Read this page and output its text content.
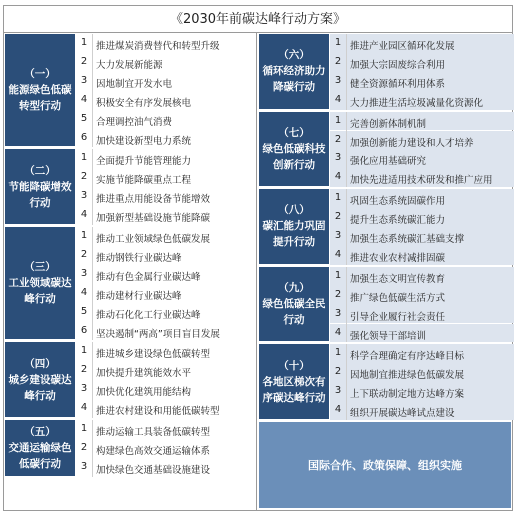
《2030年前碳达峰行动方案》
（一）
能源绿色低碳
转型行动
1 推进煤炭消费替代和转型升级
2 大力发展新能源
3 因地制宜开发水电
4 积极安全有序发展核电
5 合理调控油气消费
6 加快建设新型电力系统
（二）
节能降碳增效
行动
1 全面提升节能管理能力
2 实施节能降碳重点工程
3 推进重点用能设备节能增效
4 加强新型基础设施节能降碳
（三）
工业领域碳达
峰行动
1 推动工业领域绿色低碳发展
2 推动钢铁行业碳达峰
3 推动有色金属行业碳达峰
4 推动建材行业碳达峰
5 推动石化化工行业碳达峰
6 坚决遏制“两高”项目盲目发展
（四）
城乡建设碳达
峰行动
1 推进城乡建设绿色低碳转型
2 加快提升建筑能效水平
3 加快优化建筑用能结构
4 推进农村建设和用能低碳转型
（五）
交通运输绿色
低碳行动
1 推动运输工具装备低碳转型
2 构建绿色高效交通运输体系
3 加快绿色交通基础设施建设
（六）
循环经济助力
降碳行动
1 推进产业园区循环化发展
2 加强大宗固废综合利用
3 健全资源循环利用体系
4 大力推进生活垃圾减量化资源化
（七）
绿色低碳科技
创新行动
1 完善创新体制机制
2 加强创新能力建设和人才培养
3 强化应用基础研究
4 加快先进适用技术研发和推广应用
（八）
碳汇能力巩固
提升行动
1 巩固生态系统固碳作用
2 提升生态系统碳汇能力
3 加强生态系统碳汇基础支撑
4 推进农业农村减排固碳
（九）
绿色低碳全民
行动
1 加强生态文明宣传教育
2 推广绿色低碳生活方式
3 引导企业履行社会责任
4 强化领导干部培训
（十）
各地区梯次有
序碳达峰行动
1 科学合理确定有序达峰目标
2 因地制宜推进绿色低碳发展
3 上下联动制定地方达峰方案
4 组织开展碳达峰试点建设
国际合作、政策保障、组织实施
